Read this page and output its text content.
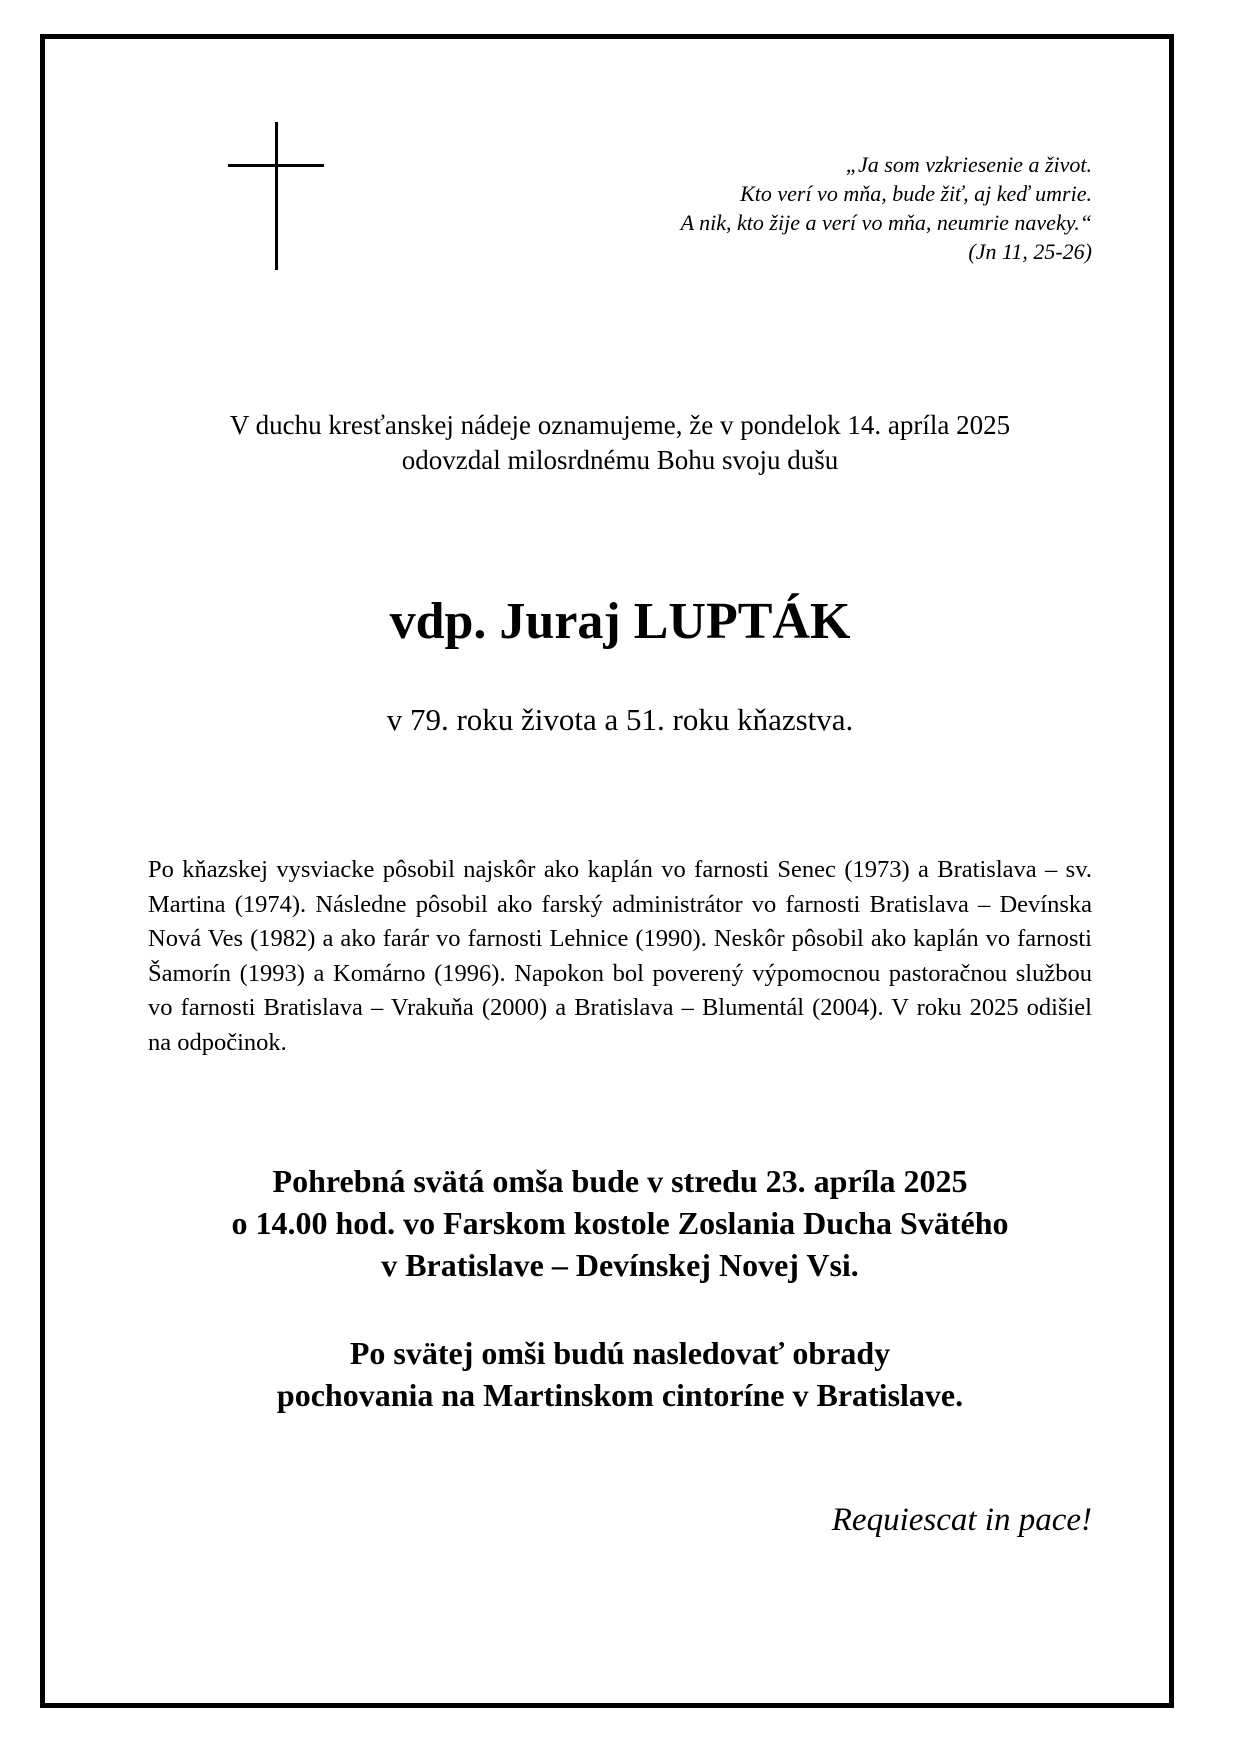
„Ja som vzkriesenie a život.
Kto verí vo mňa, bude žiť, aj keď umrie.
A nik, kto žije a verí vo mňa, neumrie naveky.“
(Jn 11, 25-26)
V duchu kresťanskej nádeje oznamujeme, že v pondelok 14. apríla 2025
odovzdal milosrdnému Bohu svoju dušu
vdp. Juraj LUPTÁK
v 79. roku života a 51. roku kňazstva.
Po kňazskej vysviacke pôsobil najskôr ako kaplán vo farnosti Senec (1973) a Bratislava – sv. Martina (1974). Následne pôsobil ako farský administrátor vo farnosti Bratislava – Devínska Nová Ves (1982) a ako farár vo farnosti Lehnice (1990). Neskôr pôsobil ako kaplán vo farnosti Šamorín (1993) a Komárno (1996). Napokon bol poverený výpomocnou pastoračnou službou vo farnosti Bratislava – Vrakuňa (2000) a Bratislava – Blumentál (2004). V roku 2025 odišiel na odpočinok.
Pohrebná svätá omša bude v stredu 23. apríla 2025
o 14.00 hod. vo Farskom kostole Zoslania Ducha Svätého
v Bratislave – Devínskej Novej Vsi.
Po svätej omši budú nasledovať obrady
pochovania na Martinskom cintoríne v Bratislave.
Requiescat in pace!
